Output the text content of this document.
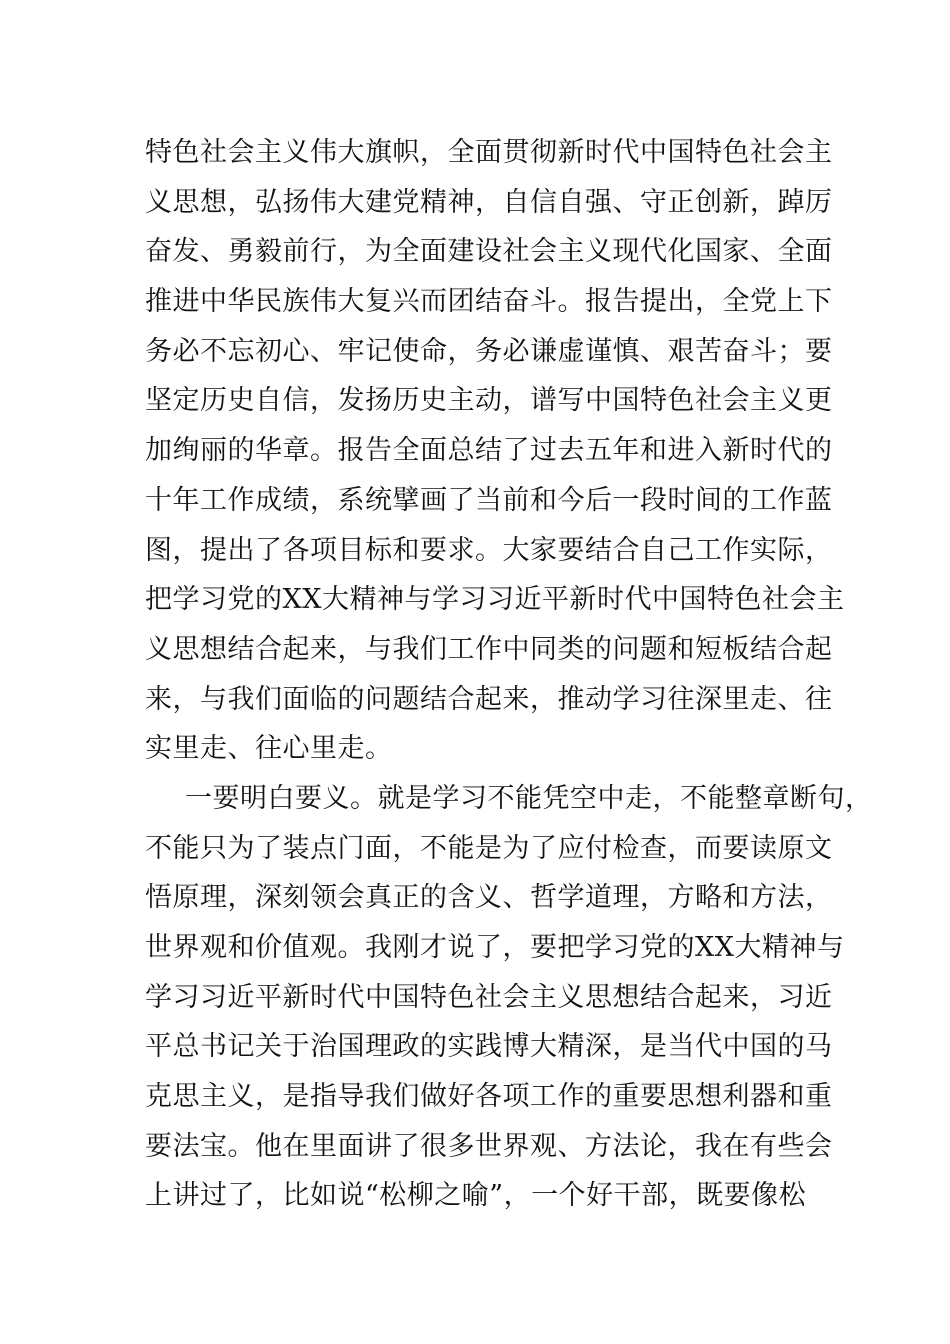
特色社会主义伟大旗帜，全面贯彻新时代中国特色社会主
义思想，弘扬伟大建党精神，自信自强、守正创新，踔厉
奋发、勇毅前行，为全面建设社会主义现代化国家、全面
推进中华民族伟大复兴而团结奋斗。报告提出，全党上下
务必不忘初心、牢记使命，务必谦虚谨慎、艰苦奋斗；要
坚定历史自信，发扬历史主动，谱写中国特色社会主义更
加绚丽的华章。报告全面总结了过去五年和进入新时代的
十年工作成绩，系统擘画了当前和今后一段时间的工作蓝
图，提出了各项目标和要求。大家要结合自己工作实际，
把学习党的XX大精神与学习习近平新时代中国特色社会主
义思想结合起来，与我们工作中同类的问题和短板结合起
来，与我们面临的问题结合起来，推动学习往深里走、往
实里走、往心里走。
一要明白要义。就是学习不能凭空中走，不能整章断句，
不能只为了装点门面，不能是为了应付检查，而要读原文
悟原理，深刻领会真正的含义、哲学道理，方略和方法，
世界观和价值观。我刚才说了，要把学习党的XX大精神与
学习习近平新时代中国特色社会主义思想结合起来，习近
平总书记关于治国理政的实践博大精深，是当代中国的马
克思主义，是指导我们做好各项工作的重要思想利器和重
要法宝。他在里面讲了很多世界观、方法论，我在有些会
上讲过了，比如说“松柳之喻”，一个好干部，既要像松
